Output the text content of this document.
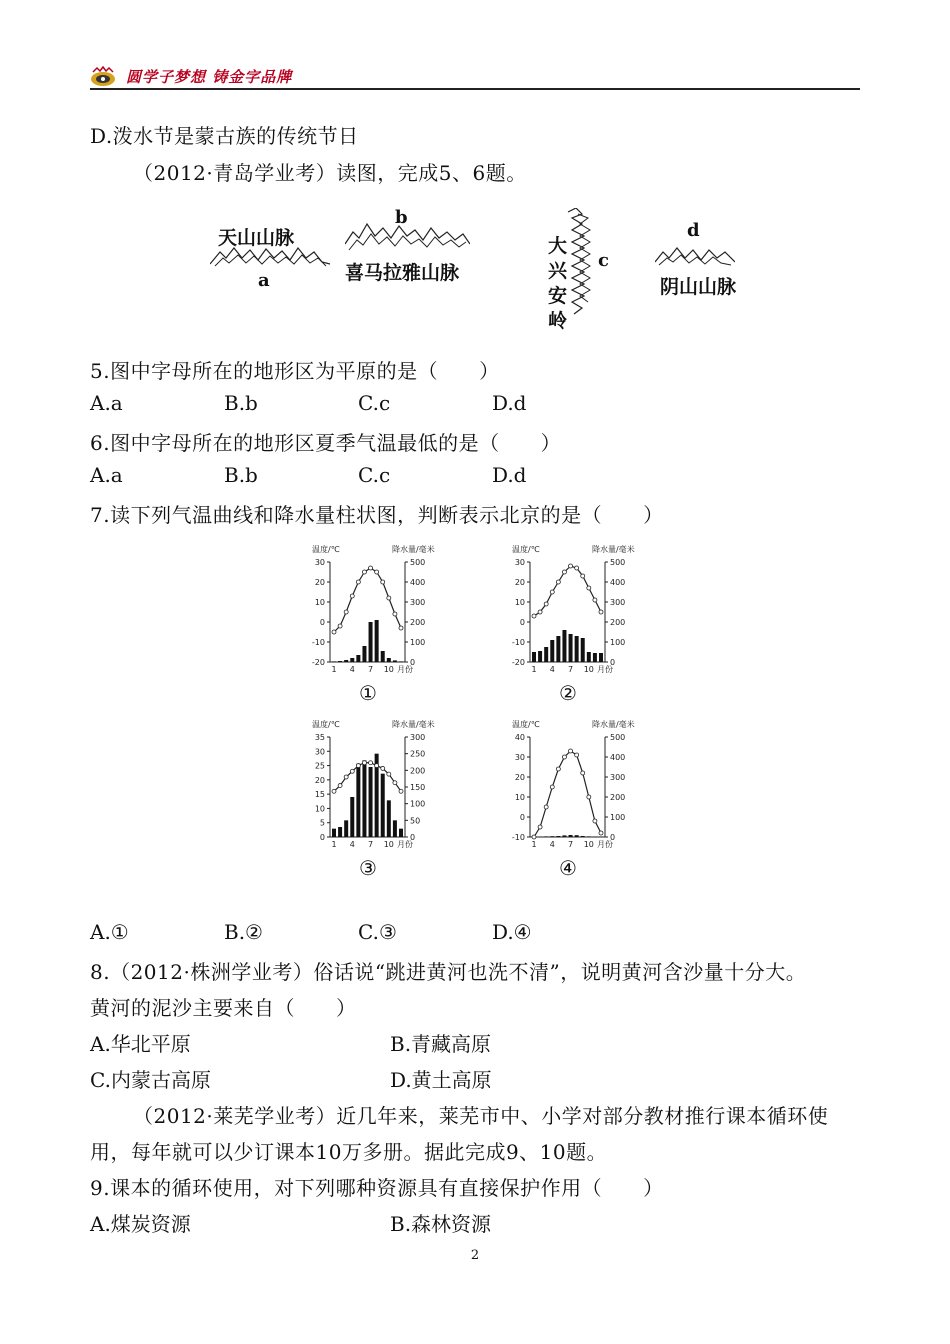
圆学子梦想 铸金字品牌
D.泼水节是蒙古族的传统节日
（2012·青岛学业考）读图，完成5、6题。
天山山脉
a
b
喜马拉雅山脉
大兴安岭
c
d
阴山山脉
5.图中字母所在的地形区为平原的是（　　）
A.a	B.b	C.c	D.d
6.图中字母所在的地形区夏季气温最低的是（　　）
A.a	B.b	C.c	D.d
7.读下列气温曲线和降水量柱状图，判断表示北京的是（　　）
温度/℃	降水量/毫米
30
20
10
0
-10
-20
500
400
300
200
100
0
1 4 7 10 月份
①
温度/℃	降水量/毫米
30
20
10
0
-10
-20
500
400
300
200
100
0
1 4 7 10 月份
②
温度/℃	降水量/毫米
35
30
25
20
15
10
5
0
300
250
200
150
100
50
0
1 4 7 10 月份
③
温度/℃	降水量/毫米
40
30
20
10
0
-10
500
400
300
200
100
0
1 4 7 10 月份
④
A.①	B.②	C.③	D.④
8.（2012·株洲学业考）俗话说“跳进黄河也洗不清”，说明黄河含沙量十分大。
黄河的泥沙主要来自（　　）
A.华北平原	B.青藏高原
C.内蒙古高原	D.黄土高原
（2012·莱芜学业考）近几年来，莱芜市中、小学对部分教材推行课本循环使
用，每年就可以少订课本10万多册。据此完成9、10题。
9.课本的循环使用，对下列哪种资源具有直接保护作用（　　）
A.煤炭资源	B.森林资源
2
